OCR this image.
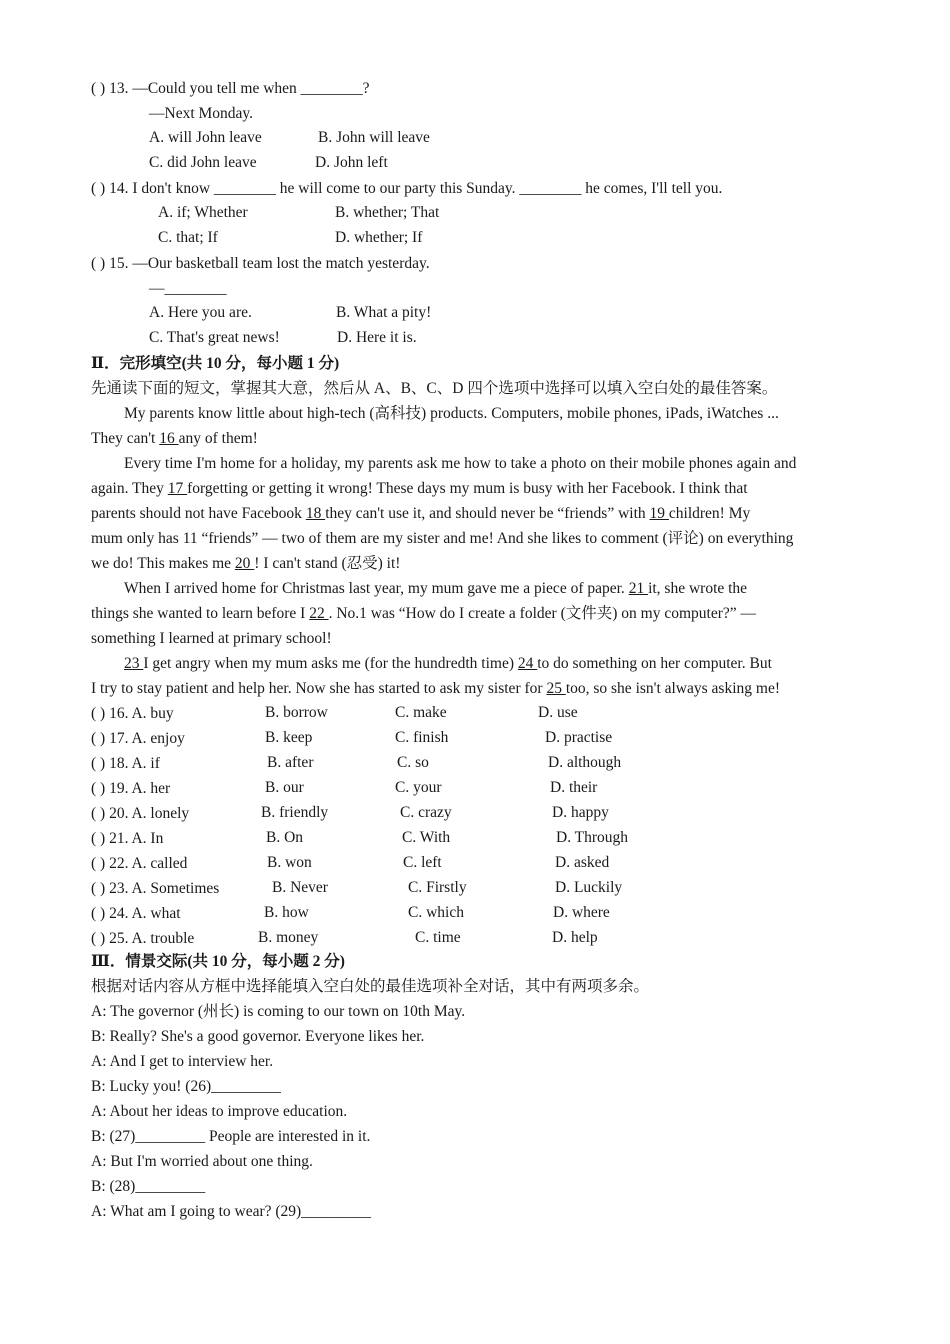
( ) 13. —Could you tell me when ________?
—Next Monday.
A. will John leave	B. John will leave
C. did John leave	D. John left
( ) 14. I don't know ________ he will come to our party this Sunday. ________ he comes, I'll tell you.
A. if; Whether	B. whether; That
C. that; If	D. whether; If
( ) 15. —Our basketball team lost the match yesterday.
—________
A. Here you are.	B. What a pity!
C. That's great news!	D. Here it is.
Ⅱ．完形填空(共 10 分，每小题 1 分)
先通读下面的短文，掌握其大意，然后从 A、B、C、D 四个选项中选择可以填入空白处的最佳答案。
My parents know little about high-tech (高科技) products. Computers, mobile phones, iPads, iWatches ...
They can't 16 any of them!
Every time I'm home for a holiday, my parents ask me how to take a photo on their mobile phones again and
again. They 17 forgetting or getting it wrong! These days my mum is busy with her Facebook. I think that
parents should not have Facebook 18 they can't use it, and should never be “friends” with 19 children! My
mum only has 11 “friends” — two of them are my sister and me! And she likes to comment (评论) on everything
we do! This makes me 20 ! I can't stand (忍受) it!
When I arrived home for Christmas last year, my mum gave me a piece of paper. 21 it, she wrote the
things she wanted to learn before I 22 . No.1 was “How do I create a folder (文件夹) on my computer?” —
something I learned at primary school!
23 I get angry when my mum asks me (for the hundredth time) 24 to do something on her computer. But
I try to stay patient and help her. Now she has started to ask my sister for 25 too, so she isn't always asking me!
( ) 16. A. buy	B. borrow	C. make	D. use
( ) 17. A. enjoy	B. keep	C. finish	D. practise
( ) 18. A. if	B. after	C. so	D. although
( ) 19. A. her	B. our	C. your	D. their
( ) 20. A. lonely	B. friendly	C. crazy	D. happy
( ) 21. A. In	B. On	C. With	D. Through
( ) 22. A. called	B. won	C. left	D. asked
( ) 23. A. Sometimes	B. Never	C. Firstly	D. Luckily
( ) 24. A. what	B. how	C. which	D. where
( ) 25. A. trouble	B. money	C. time	D. help
Ⅲ．情景交际(共 10 分，每小题 2 分)
根据对话内容从方框中选择能填入空白处的最佳选项补全对话，其中有两项多余。
A: The governor (州长) is coming to our town on 10th May.
B: Really? She's a good governor. Everyone likes her.
A: And I get to interview her.
B: Lucky you! (26)_________
A: About her ideas to improve education.
B: (27)_________ People are interested in it.
A: But I'm worried about one thing.
B: (28)_________
A: What am I going to wear? (29)_________
